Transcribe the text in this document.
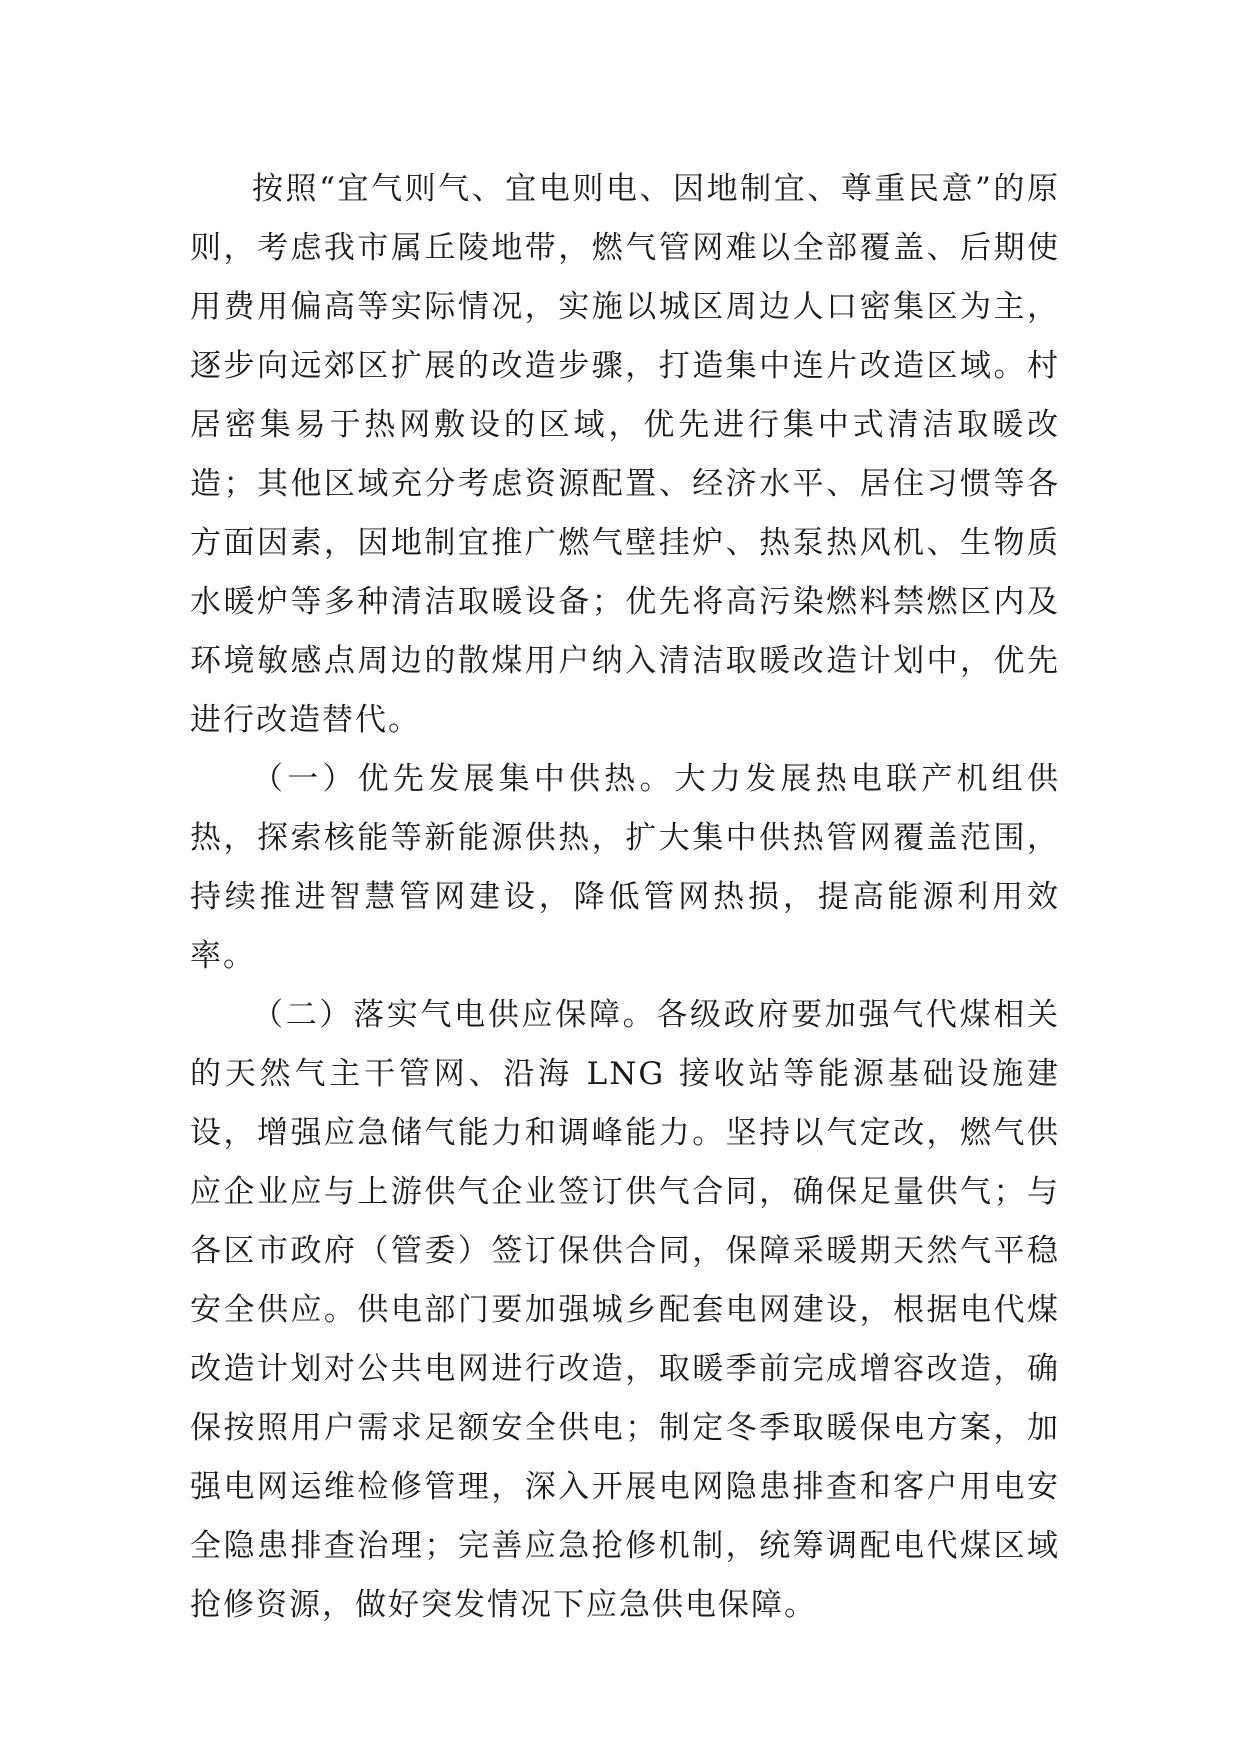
按照“宜气则气、宜电则电、因地制宜、尊重民意”的原则，考虑我市属丘陵地带，燃气管网难以全部覆盖、后期使用费用偏高等实际情况，实施以城区周边人口密集区为主，逐步向远郊区扩展的改造步骤，打造集中连片改造区域。村居密集易于热网敷设的区域，优先进行集中式清洁取暖改造；其他区域充分考虑资源配置、经济水平、居住习惯等各方面因素，因地制宜推广燃气壁挂炉、热泵热风机、生物质水暖炉等多种清洁取暖设备；优先将高污染燃料禁燃区内及环境敏感点周边的散煤用户纳入清洁取暖改造计划中，优先进行改造替代。

（一）优先发展集中供热。大力发展热电联产机组供热，探索核能等新能源供热，扩大集中供热管网覆盖范围，持续推进智慧管网建设，降低管网热损，提高能源利用效率。

（二）落实气电供应保障。各级政府要加强气代煤相关的天然气主干管网、沿海 LNG 接收站等能源基础设施建设，增强应急储气能力和调峰能力。坚持以气定改，燃气供应企业应与上游供气企业签订供气合同，确保足量供气；与各区市政府（管委）签订保供合同，保障采暖期天然气平稳安全供应。供电部门要加强城乡配套电网建设，根据电代煤改造计划对公共电网进行改造，取暖季前完成增容改造，确保按照用户需求足额安全供电；制定冬季取暖保电方案，加强电网运维检修管理，深入开展电网隐患排查和客户用电安全隐患排查治理；完善应急抢修机制，统筹调配电代煤区域抢修资源，做好突发情况下应急供电保障。
